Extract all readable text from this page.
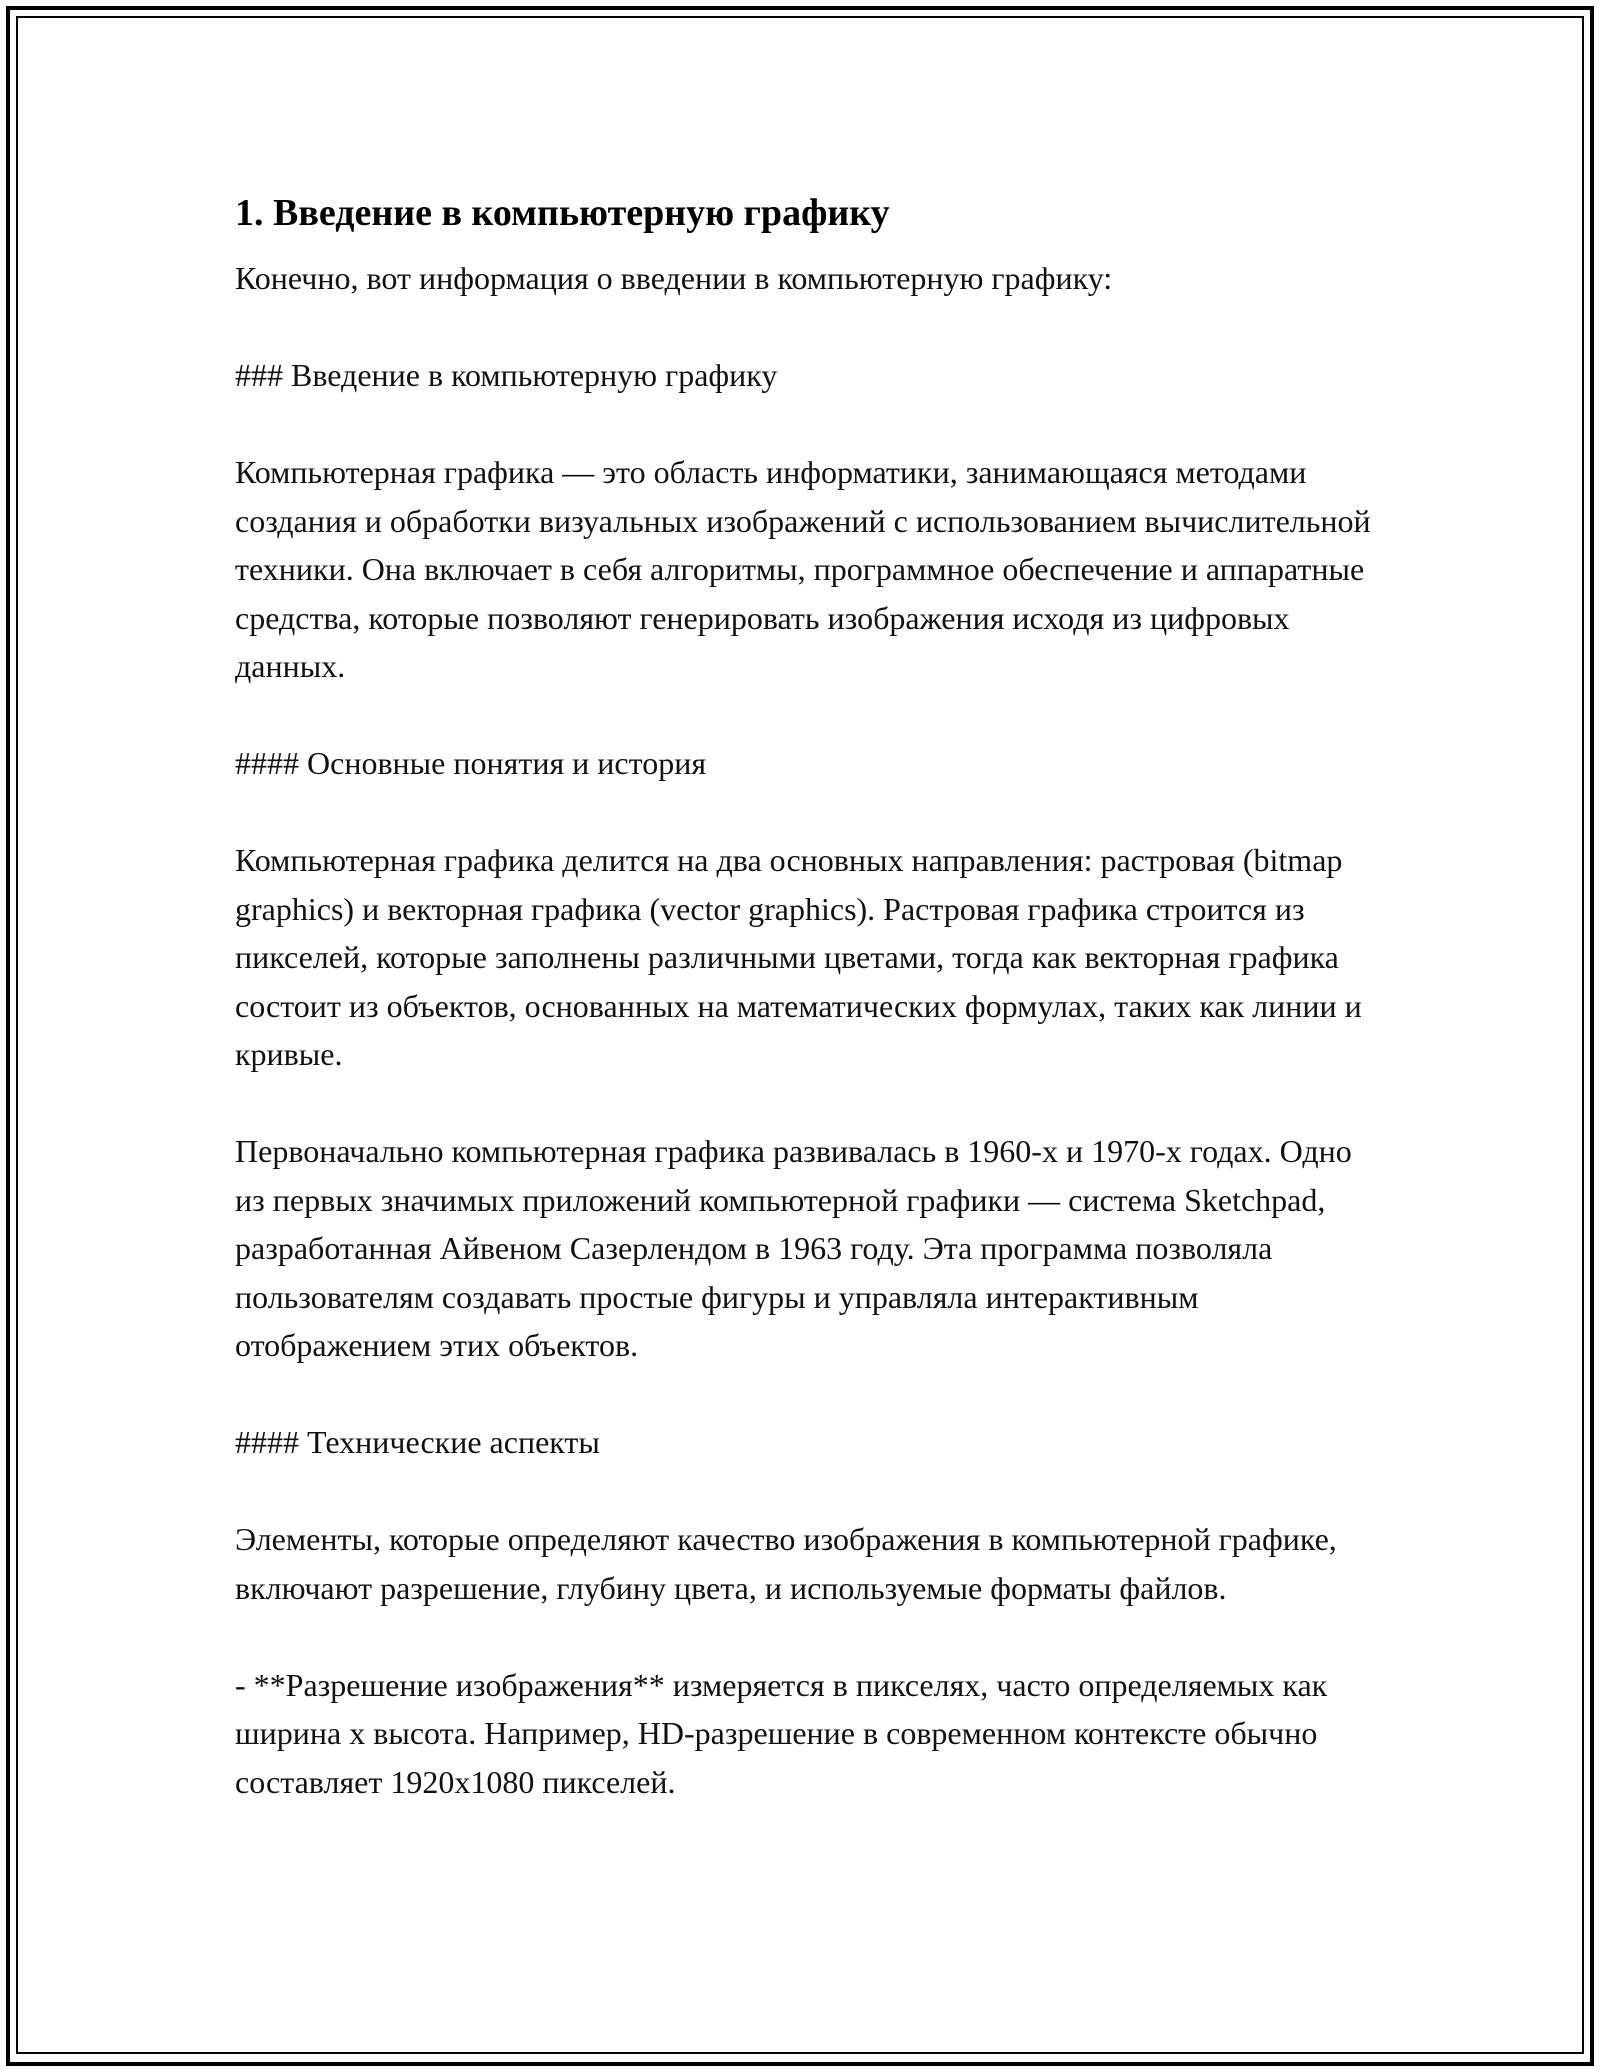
1. Введение в компьютерную графику

Конечно, вот информация о введении в компьютерную графику:

### Введение в компьютерную графику

Компьютерная графика — это область информатики, занимающаяся методами создания и обработки визуальных изображений с использованием вычислительной техники. Она включает в себя алгоритмы, программное обеспечение и аппаратные средства, которые позволяют генерировать изображения исходя из цифровых данных.

#### Основные понятия и история

Компьютерная графика делится на два основных направления: растровая (bitmap graphics) и векторная графика (vector graphics). Растровая графика строится из пикселей, которые заполнены различными цветами, тогда как векторная графика состоит из объектов, основанных на математических формулах, таких как линии и кривые.

Первоначально компьютерная графика развивалась в 1960-х и 1970-х годах. Одно из первых значимых приложений компьютерной графики — система Sketchpad, разработанная Айвеном Сазерлендом в 1963 году. Эта программа позволяла пользователям создавать простые фигуры и управляла интерактивным отображением этих объектов.

#### Технические аспекты

Элементы, которые определяют качество изображения в компьютерной графике, включают разрешение, глубину цвета, и используемые форматы файлов.

- **Разрешение изображения** измеряется в пикселях, часто определяемых как ширина x высота. Например, HD-разрешение в современном контексте обычно составляет 1920x1080 пикселей.
